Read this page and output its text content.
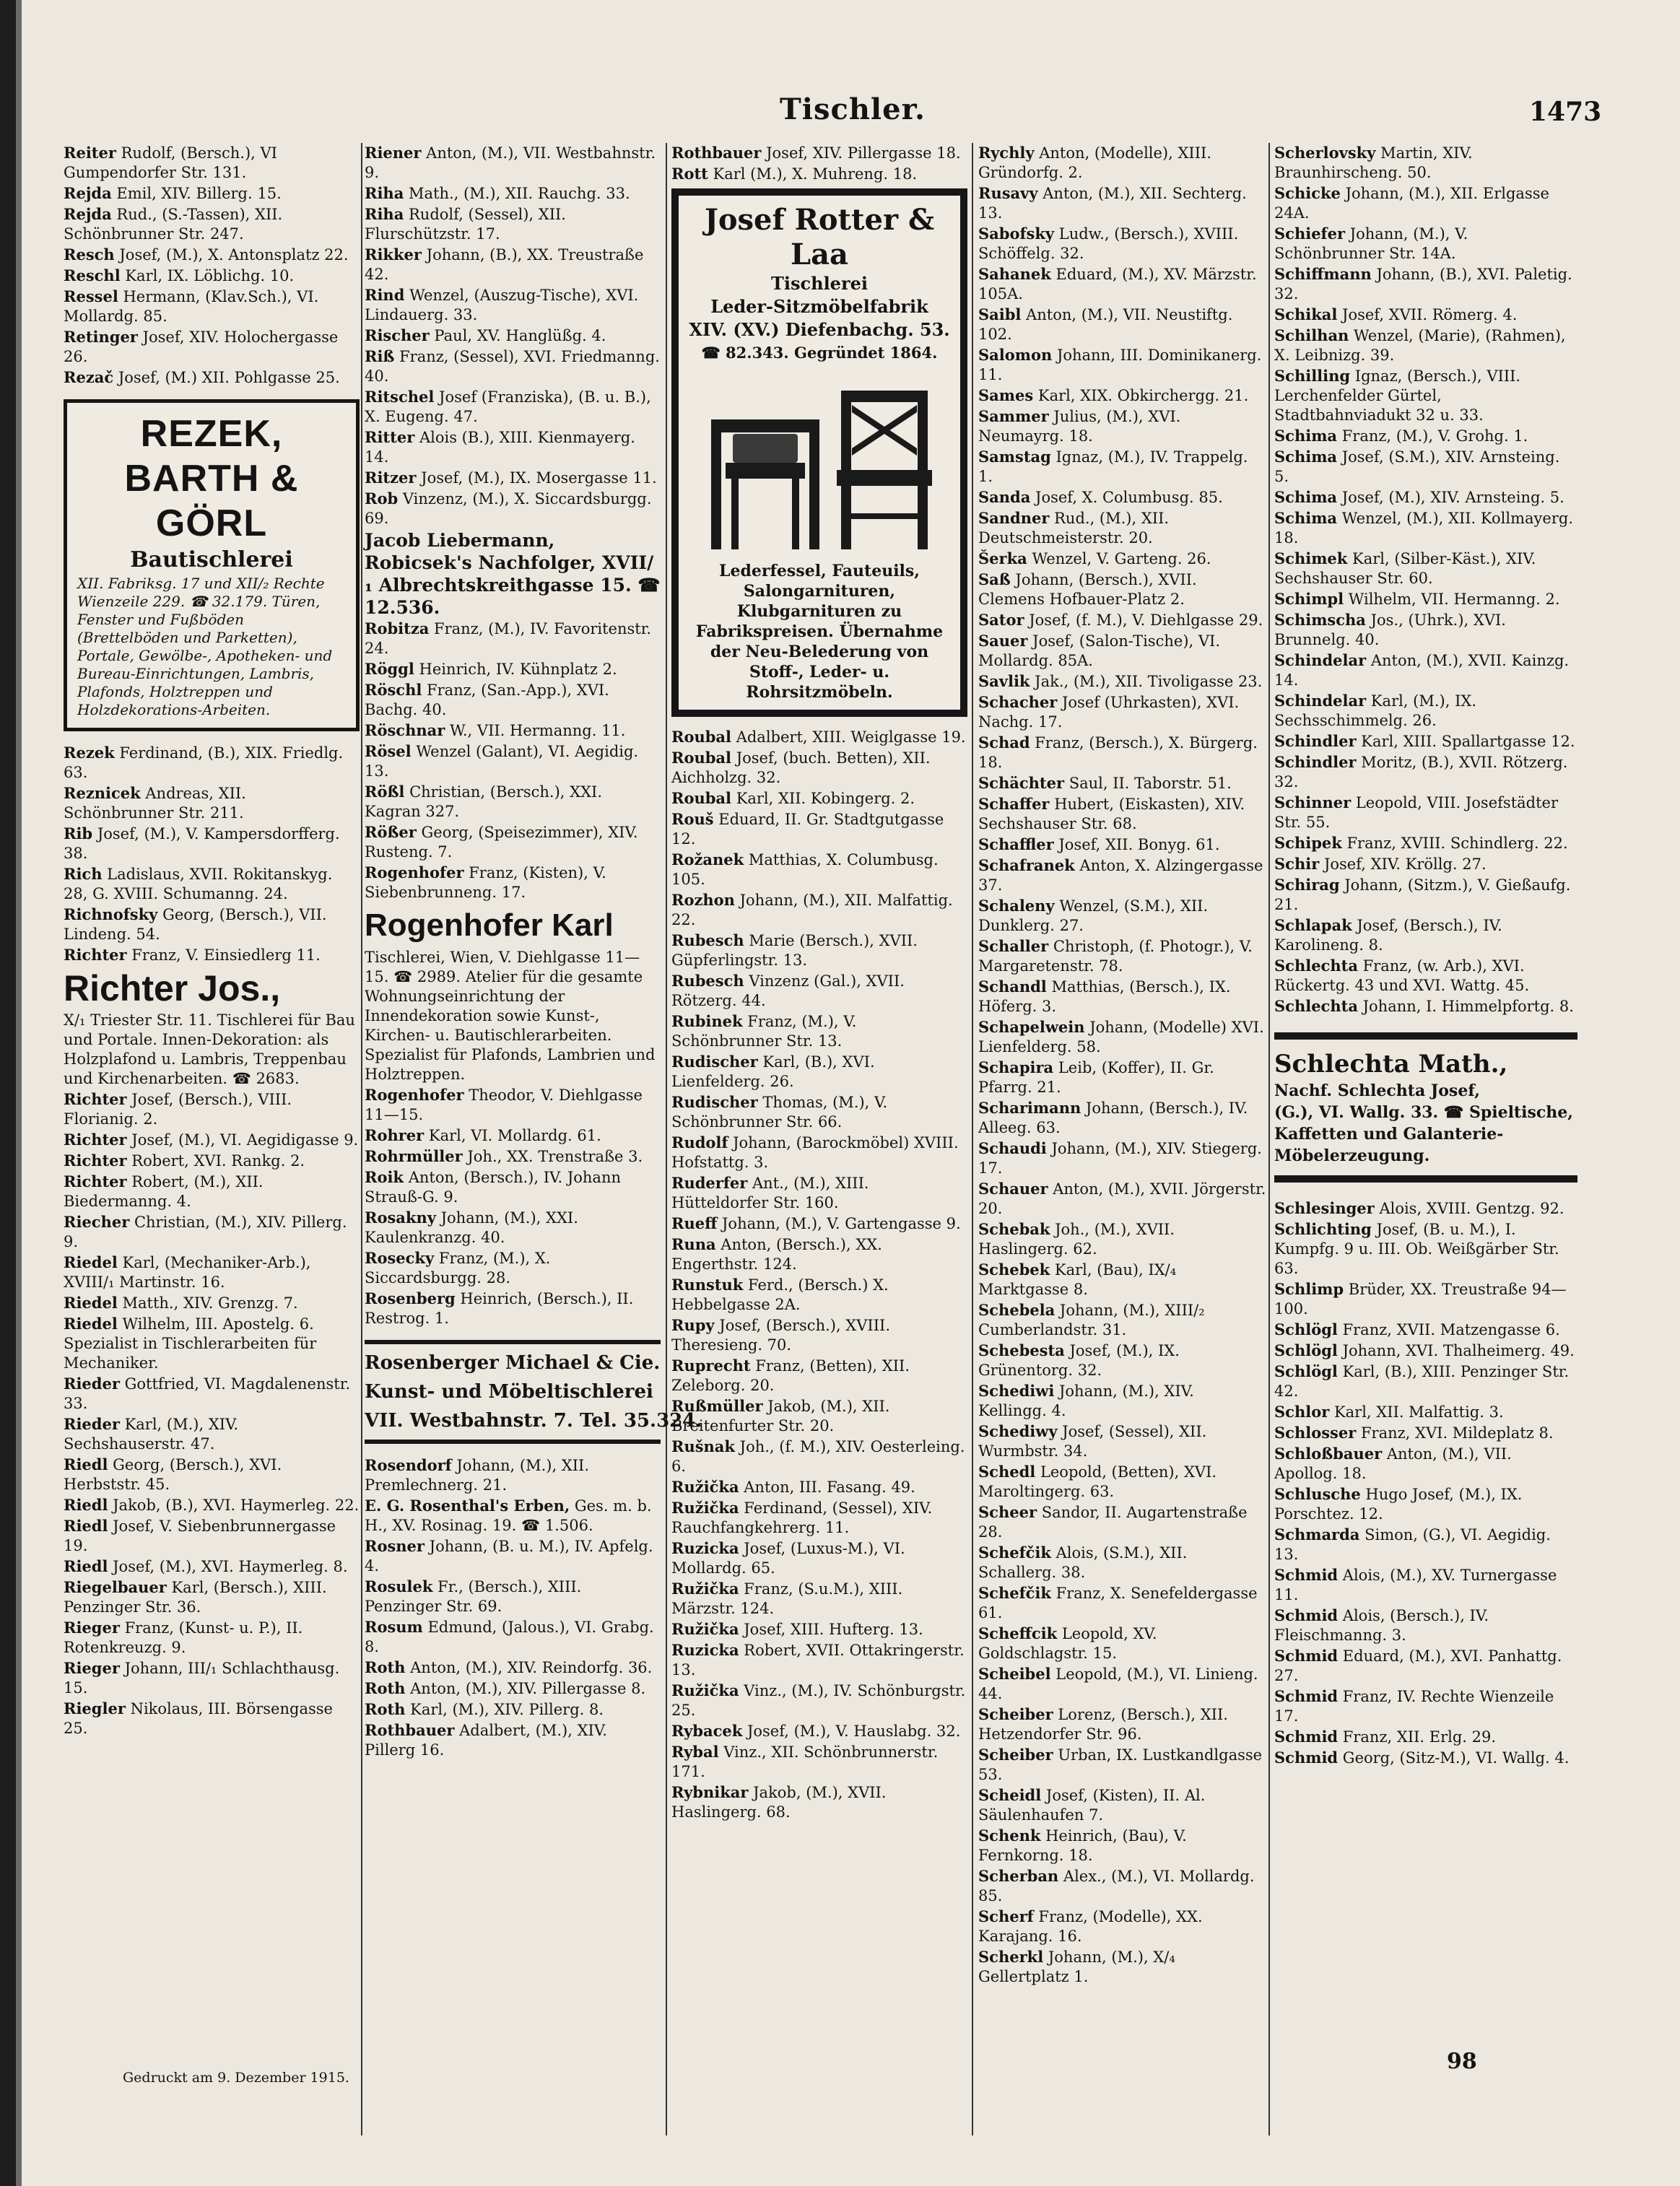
Tischler.	1473
Reiter Rudolf, (Bersch.), VI Gumpendorfer Str. 131.
Rejda Emil, XIV. Billerg. 15.
Rejda Rud., (S.-Tassen), XII. Schönbrunner Str. 247.
Resch Josef, (M.), X. Antonsplatz 22.
Reschl Karl, IX. Löblichg. 10.
Ressel Hermann, (Klav.Sch.), VI. Mollardg. 85.
Retinger Josef, XIV. Holochergasse 26.
Rezač Josef, (M.) XII. Pohlgasse 25.
REZEK,
BARTH & GÖRL
Bautischlerei
XII. Fabriksg. 17 und XII/₂ Rechte Wienzeile 229. ☎ 32.179. Türen, Fenster und Fußböden (Brettelböden und Parketten), Portale, Gewölbe-, Apotheken- und Bureau-Einrichtungen, Lambris, Plafonds, Holztreppen und Holzdekorations-Arbeiten.
Rezek Ferdinand, (B.), XIX. Friedlg. 63.
Reznicek Andreas, XII. Schönbrunner Str. 211.
Rib Josef, (M.), V. Kampersdorfferg. 38.
Rich Ladislaus, XVII. Rokitanskyg. 28, G. XVIII. Schumanng. 24.
Richnofsky Georg, (Bersch.), VII. Lindeng. 54.
Richter Franz, V. Einsiedlerg 11.
Richter Jos.,
X/₁ Triester Str. 11. Tischlerei für Bau und Portale. Innen-Dekoration: als Holzplafond u. Lambris, Treppenbau und Kirchenarbeiten. ☎ 2683.
Richter Josef, (Bersch.), VIII. Florianig. 2.
Richter Josef, (M.), VI. Aegidigasse 9.
Richter Robert, XVI. Rankg. 2.
Richter Robert, (M.), XII. Biedermanng. 4.
Riecher Christian, (M.), XIV. Pillerg. 9.
Riedel Karl, (Mechaniker-Arb.), XVIII/₁ Martinstr. 16.
Riedel Matth., XIV. Grenzg. 7.
Riedel Wilhelm, III. Apostelg. 6. Spezialist in Tischlerarbeiten für Mechaniker.
Rieder Gottfried, VI. Magdalenenstr. 33.
Rieder Karl, (M.), XIV. Sechshauserstr. 47.
Riedl Georg, (Bersch.), XVI. Herbststr. 45.
Riedl Jakob, (B.), XVI. Haymerleg. 22.
Riedl Josef, V. Siebenbrunnergasse 19.
Riedl Josef, (M.), XVI. Haymerleg. 8.
Riegelbauer Karl, (Bersch.), XIII. Penzinger Str. 36.
Rieger Franz, (Kunst- u. P.), II. Rotenkreuzg. 9.
Rieger Johann, III/₁ Schlachthausg. 15.
Riegler Nikolaus, III. Börsengasse 25.
Riener Anton, (M.), VII. Westbahnstr. 9.
Riha Math., (M.), XII. Rauchg. 33.
Riha Rudolf, (Sessel), XII. Flurschützstr. 17.
Rikker Johann, (B.), XX. Treustraße 42.
Rind Wenzel, (Auszug-Tische), XVI. Lindauerg. 33.
Rischer Paul, XV. Hanglüßg. 4.
Riß Franz, (Sessel), XVI. Friedmanng. 40.
Ritschel Josef (Franziska), (B. u. B.), X. Eugeng. 47.
Ritter Alois (B.), XIII. Kienmayerg. 14.
Ritzer Josef, (M.), IX. Mosergasse 11.
Rob Vinzenz, (M.), X. Siccardsburgg. 69.
Jacob Liebermann, Robicsek's Nachfolger, XVII/₁ Albrechtskreithgasse 15. ☎ 12.536.
Robitza Franz, (M.), IV. Favoritenstr. 24.
Röggl Heinrich, IV. Kühnplatz 2.
Röschl Franz, (San.-App.), XVI. Bachg. 40.
Röschnar W., VII. Hermanng. 11.
Rösel Wenzel (Galant), VI. Aegidig. 13.
Rößl Christian, (Bersch.), XXI. Kagran 327.
Rößer Georg, (Speisezimmer), XIV. Rusteng. 7.
Rogenhofer Franz, (Kisten), V. Siebenbrunneng. 17.
Rogenhofer Karl
Tischlerei, Wien, V. Diehlgasse 11—15. ☎ 2989. Atelier für die gesamte Wohnungseinrichtung der Innendekoration sowie Kunst-, Kirchen- u. Bautischlerarbeiten. Spezialist für Plafonds, Lambrien und Holztreppen.
Rogenhofer Theodor, V. Diehlgasse 11—15.
Rohrer Karl, VI. Mollardg. 61.
Rohrmüller Joh., XX. Trenstraße 3.
Roik Anton, (Bersch.), IV. Johann Strauß-G. 9.
Rosakny Johann, (M.), XXI. Kaulenkranzg. 40.
Rosecky Franz, (M.), X. Siccardsburgg. 28.
Rosenberg Heinrich, (Bersch.), II. Restrog. 1.
Rosenberger Michael & Cie.
Kunst- und Möbeltischlerei
VII. Westbahnstr. 7. Tel. 35.324.
Rosendorf Johann, (M.), XII. Premlechnerg. 21.
E. G. Rosenthal's Erben, Ges. m. b. H., XV. Rosinag. 19. ☎ 1.506.
Rosner Johann, (B. u. M.), IV. Apfelg. 4.
Rosulek Fr., (Bersch.), XIII. Penzinger Str. 69.
Rosum Edmund, (Jalous.), VI. Grabg. 8.
Roth Anton, (M.), XIV. Reindorfg. 36.
Roth Anton, (M.), XIV. Pillergasse 8.
Roth Karl, (M.), XIV. Pillerg. 8.
Rothbauer Adalbert, (M.), XIV. Pillerg 16.
Rothbauer Josef, XIV. Pillergasse 18.
Rott Karl (M.), X. Muhreng. 18.
Josef Rotter & Laa
Tischlerei
Leder-Sitzmöbelfabrik
XIV. (XV.) Diefenbachg. 53.
☎ 82.343. Gegründet 1864.
Lederfessel, Fauteuils, Salongarnituren, Klubgarnituren zu Fabrikspreisen. Übernahme der Neu-Belederung von Stoff-, Leder- u. Rohrsitzmöbeln.
Roubal Adalbert, XIII. Weiglgasse 19.
Roubal Josef, (buch. Betten), XII. Aichholzg. 32.
Roubal Karl, XII. Kobingerg. 2.
Rouš Eduard, II. Gr. Stadtgutgasse 12.
Rožanek Matthias, X. Columbusg. 105.
Rozhon Johann, (M.), XII. Malfattig. 22.
Rubesch Marie (Bersch.), XVII. Güpferlingstr. 13.
Rubesch Vinzenz (Gal.), XVII. Rötzerg. 44.
Rubinek Franz, (M.), V. Schönbrunner Str. 13.
Rudischer Karl, (B.), XVI. Lienfelderg. 26.
Rudischer Thomas, (M.), V. Schönbrunner Str. 66.
Rudolf Johann, (Barockmöbel) XVIII. Hofstattg. 3.
Ruderfer Ant., (M.), XIII. Hütteldorfer Str. 160.
Rueff Johann, (M.), V. Gartengasse 9.
Runa Anton, (Bersch.), XX. Engerthstr. 124.
Runstuk Ferd., (Bersch.) X. Hebbelgasse 2A.
Rupy Josef, (Bersch.), XVIII. Theresieng. 70.
Ruprecht Franz, (Betten), XII. Zeleborg. 20.
Rußmüller Jakob, (M.), XII. Breitenfurter Str. 20.
Rušnak Joh., (f. M.), XIV. Oesterleing. 6.
Ružička Anton, III. Fasang. 49.
Ružička Ferdinand, (Sessel), XIV. Rauchfangkehrerg. 11.
Ruzicka Josef, (Luxus-M.), VI. Mollardg. 65.
Ružička Franz, (S.u.M.), XIII. Märzstr. 124.
Ružička Josef, XIII. Hufterg. 13.
Ruzicka Robert, XVII. Ottakringerstr. 13.
Ružička Vinz., (M.), IV. Schönburgstr. 25.
Rybacek Josef, (M.), V. Hauslabg. 32.
Rybal Vinz., XII. Schönbrunnerstr. 171.
Rybnikar Jakob, (M.), XVII. Haslingerg. 68.
Rychly Anton, (Modelle), XIII. Gründorfg. 2.
Rusavy Anton, (M.), XII. Sechterg. 13.
Sabofsky Ludw., (Bersch.), XVIII. Schöffelg. 32.
Sahanek Eduard, (M.), XV. Märzstr. 105A.
Saibl Anton, (M.), VII. Neustiftg. 102.
Salomon Johann, III. Dominikanerg. 11.
Sames Karl, XIX. Obkirchergg. 21.
Sammer Julius, (M.), XVI. Neumayrg. 18.
Samstag Ignaz, (M.), IV. Trappelg. 1.
Sanda Josef, X. Columbusg. 85.
Sandner Rud., (M.), XII. Deutschmeisterstr. 20.
Šerka Wenzel, V. Garteng. 26.
Saß Johann, (Bersch.), XVII. Clemens Hofbauer-Platz 2.
Sator Josef, (f. M.), V. Diehlgasse 29.
Sauer Josef, (Salon-Tische), VI. Mollardg. 85A.
Savlik Jak., (M.), XII. Tivoligasse 23.
Schacher Josef (Uhrkasten), XVI. Nachg. 17.
Schad Franz, (Bersch.), X. Bürgerg. 18.
Schächter Saul, II. Taborstr. 51.
Schaffer Hubert, (Eiskasten), XIV. Sechshauser Str. 68.
Schaffler Josef, XII. Bonyg. 61.
Schafranek Anton, X. Alzingergasse 37.
Schaleny Wenzel, (S.M.), XII. Dunklerg. 27.
Schaller Christoph, (f. Photogr.), V. Margaretenstr. 78.
Schandl Matthias, (Bersch.), IX. Höferg. 3.
Schapelwein Johann, (Modelle) XVI. Lienfelderg. 58.
Schapira Leib, (Koffer), II. Gr. Pfarrg. 21.
Scharimann Johann, (Bersch.), IV. Alleeg. 63.
Schaudi Johann, (M.), XIV. Stiegerg. 17.
Schauer Anton, (M.), XVII. Jörgerstr. 20.
Schebak Joh., (M.), XVII. Haslingerg. 62.
Schebek Karl, (Bau), IX/₄ Marktgasse 8.
Schebela Johann, (M.), XIII/₂ Cumberlandstr. 31.
Schebesta Josef, (M.), IX. Grünentorg. 32.
Schediwi Johann, (M.), XIV. Kellingg. 4.
Schediwy Josef, (Sessel), XII. Wurmbstr. 34.
Schedl Leopold, (Betten), XVI. Maroltingerg. 63.
Scheer Sandor, II. Augartenstraße 28.
Schefčik Alois, (S.M.), XII. Schallerg. 38.
Schefčik Franz, X. Senefeldergasse 61.
Scheffcik Leopold, XV. Goldschlagstr. 15.
Scheibel Leopold, (M.), VI. Linieng. 44.
Scheiber Lorenz, (Bersch.), XII. Hetzendorfer Str. 96.
Scheiber Urban, IX. Lustkandlgasse 53.
Scheidl Josef, (Kisten), II. Al. Säulenhaufen 7.
Schenk Heinrich, (Bau), V. Fernkorng. 18.
Scherban Alex., (M.), VI. Mollardg. 85.
Scherf Franz, (Modelle), XX. Karajang. 16.
Scherkl Johann, (M.), X/₄ Gellertplatz 1.
Scherlovsky Martin, XIV. Braunhirscheng. 50.
Schicke Johann, (M.), XII. Erlgasse 24A.
Schiefer Johann, (M.), V. Schönbrunner Str. 14A.
Schiffmann Johann, (B.), XVI. Paletig. 32.
Schikal Josef, XVII. Römerg. 4.
Schilhan Wenzel, (Marie), (Rahmen), X. Leibnizg. 39.
Schilling Ignaz, (Bersch.), VIII. Lerchenfelder Gürtel, Stadtbahnviadukt 32 u. 33.
Schima Franz, (M.), V. Grohg. 1.
Schima Josef, (S.M.), XIV. Arnsteing. 5.
Schima Josef, (M.), XIV. Arnsteing. 5.
Schima Wenzel, (M.), XII. Kollmayerg. 18.
Schimek Karl, (Silber-Käst.), XIV. Sechshauser Str. 60.
Schimpl Wilhelm, VII. Hermanng. 2.
Schimscha Jos., (Uhrk.), XVI. Brunnelg. 40.
Schindelar Anton, (M.), XVII. Kainzg. 14.
Schindelar Karl, (M.), IX. Sechsschimmelg. 26.
Schindler Karl, XIII. Spallartgasse 12.
Schindler Moritz, (B.), XVII. Rötzerg. 32.
Schinner Leopold, VIII. Josefstädter Str. 55.
Schipek Franz, XVIII. Schindlerg. 22.
Schir Josef, XIV. Kröllg. 27.
Schirag Johann, (Sitzm.), V. Gießaufg. 21.
Schlapak Josef, (Bersch.), IV. Karolineng. 8.
Schlechta Franz, (w. Arb.), XVI. Rückertg. 43 und XVI. Wattg. 45.
Schlechta Johann, I. Himmelpfortg. 8.
Schlechta Math.,
Nachf. Schlechta Josef,
(G.), VI. Wallg. 33. ☎ Spieltische, Kaffetten und Galanterie-Möbelerzeugung.
Schlesinger Alois, XVIII. Gentzg. 92.
Schlichting Josef, (B. u. M.), I. Kumpfg. 9 u. III. Ob. Weißgärber Str. 63.
Schlimp Brüder, XX. Treustraße 94—100.
Schlögl Franz, XVII. Matzengasse 6.
Schlögl Johann, XVI. Thalheimerg. 49.
Schlögl Karl, (B.), XIII. Penzinger Str. 42.
Schlor Karl, XII. Malfattig. 3.
Schlosser Franz, XVI. Mildeplatz 8.
Schloßbauer Anton, (M.), VII. Apollog. 18.
Schlusche Hugo Josef, (M.), IX. Porschtez. 12.
Schmarda Simon, (G.), VI. Aegidig. 13.
Schmid Alois, (M.), XV. Turnergasse 11.
Schmid Alois, (Bersch.), IV. Fleischmanng. 3.
Schmid Eduard, (M.), XVI. Panhattg. 27.
Schmid Franz, IV. Rechte Wienzeile 17.
Schmid Franz, XII. Erlg. 29.
Schmid Georg, (Sitz-M.), VI. Wallg. 4.
Gedruckt am 9. Dezember 1915.
98
